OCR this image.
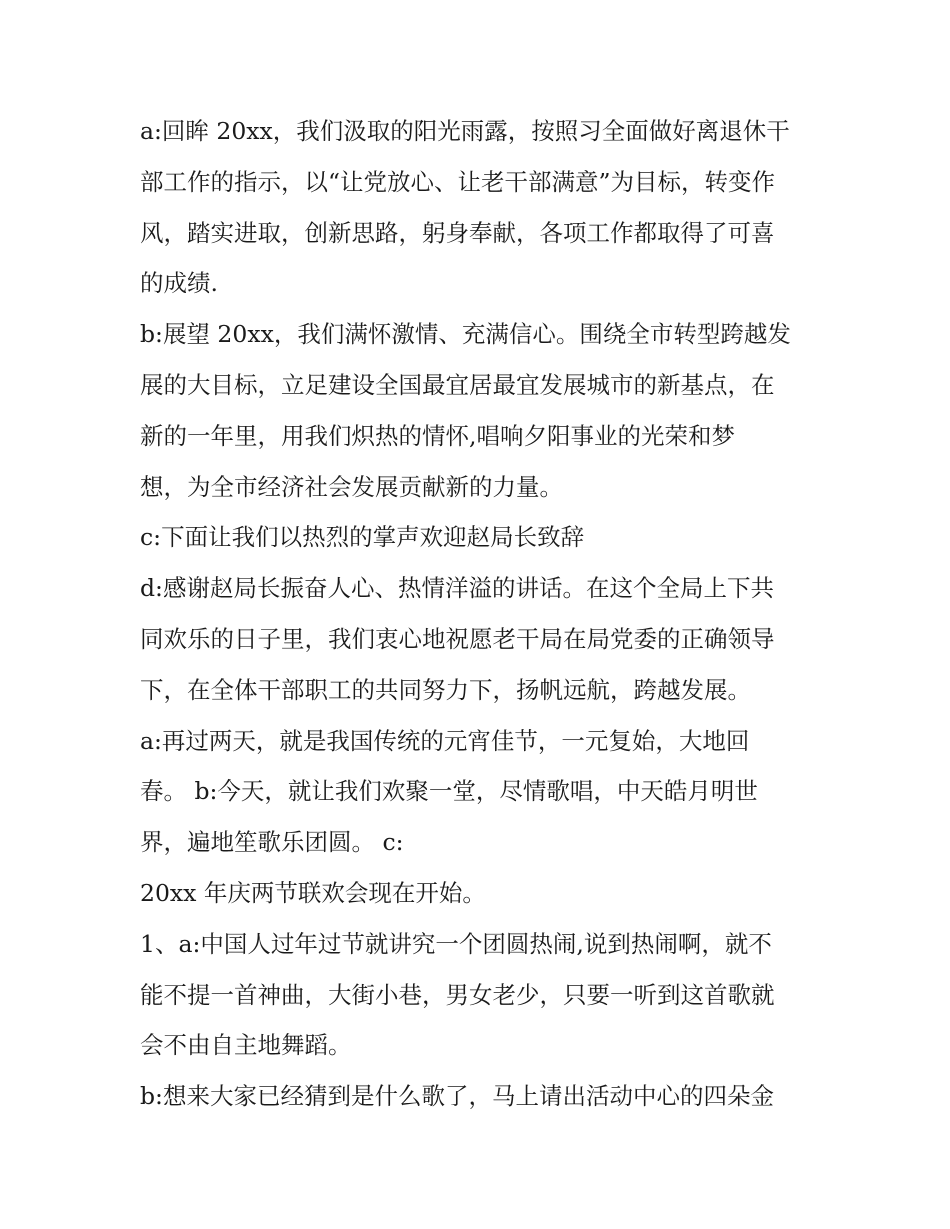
a:回眸 20xx，我们汲取的阳光雨露，按照习全面做好离退休干
部工作的指示，以“让党放心、让老干部满意”为目标，转变作
风，踏实进取，创新思路，躬身奉献，各项工作都取得了可喜
的成绩.
b:展望 20xx，我们满怀激情、充满信心。围绕全市转型跨越发
展的大目标，立足建设全国最宜居最宜发展城市的新基点，在
新的一年里，用我们炽热的情怀,唱响夕阳事业的光荣和梦
想，为全市经济社会发展贡献新的力量。
c:下面让我们以热烈的掌声欢迎赵局长致辞
d:感谢赵局长振奋人心、热情洋溢的讲话。在这个全局上下共
同欢乐的日子里，我们衷心地祝愿老干局在局党委的正确领导
下，在全体干部职工的共同努力下，扬帆远航，跨越发展。
a:再过两天，就是我国传统的元宵佳节，一元复始，大地回
春。 b:今天，就让我们欢聚一堂，尽情歌唱，中天皓月明世
界，遍地笙歌乐团圆。 c:
20xx 年庆两节联欢会现在开始。
1、a:中国人过年过节就讲究一个团圆热闹,说到热闹啊，就不
能不提一首神曲，大街小巷，男女老少，只要一听到这首歌就
会不由自主地舞蹈。
b:想来大家已经猜到是什么歌了，马上请出活动中心的四朵金
